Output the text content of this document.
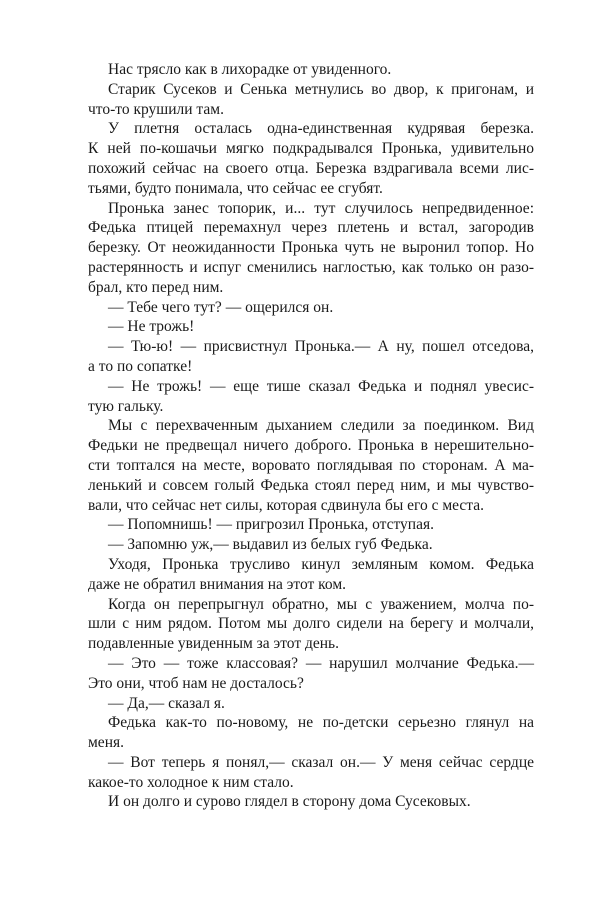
Нас трясло как в лихорадке от увиденного.
Старик Сусеков и Сенька метнулись во двор, к пригонам, и
что-то крушили там.
У плетня осталась одна-единственная кудрявая березка.
К ней по-кошачьи мягко подкрадывался Пронька, удивительно
похожий сейчас на своего отца. Березка вздрагивала всеми лис-
тьями, будто понимала, что сейчас ее сгубят.
Пронька занес топорик, и... тут случилось непредвиденное:
Федька птицей перемахнул через плетень и встал, загородив
березку. От неожиданности Пронька чуть не выронил топор. Но
растерянность и испуг сменились наглостью, как только он разо-
брал, кто перед ним.
— Тебе чего тут? — ощерился он.
— Не трожь!
— Тю-ю! — присвистнул Пронька.— А ну, пошел отседова,
а то по сопатке!
— Не трожь! — еще тише сказал Федька и поднял увесис-
тую гальку.
Мы с перехваченным дыханием следили за поединком. Вид
Федьки не предвещал ничего доброго. Пронька в нерешительно-
сти топтался на месте, воровато поглядывая по сторонам. А ма-
ленький и совсем голый Федька стоял перед ним, и мы чувство-
вали, что сейчас нет силы, которая сдвинула бы его с места.
— Попомнишь! — пригрозил Пронька, отступая.
— Запомню уж,— выдавил из белых губ Федька.
Уходя, Пронька трусливо кинул земляным комом. Федька
даже не обратил внимания на этот ком.
Когда он перепрыгнул обратно, мы с уважением, молча по-
шли с ним рядом. Потом мы долго сидели на берегу и молчали,
подавленные увиденным за этот день.
— Это — тоже классовая? — нарушил молчание Федька.—
Это они, чтоб нам не досталось?
— Да,— сказал я.
Федька как-то по-новому, не по-детски серьезно глянул на
меня.
— Вот теперь я понял,— сказал он.— У меня сейчас сердце
какое-то холодное к ним стало.
И он долго и сурово глядел в сторону дома Сусековых.
